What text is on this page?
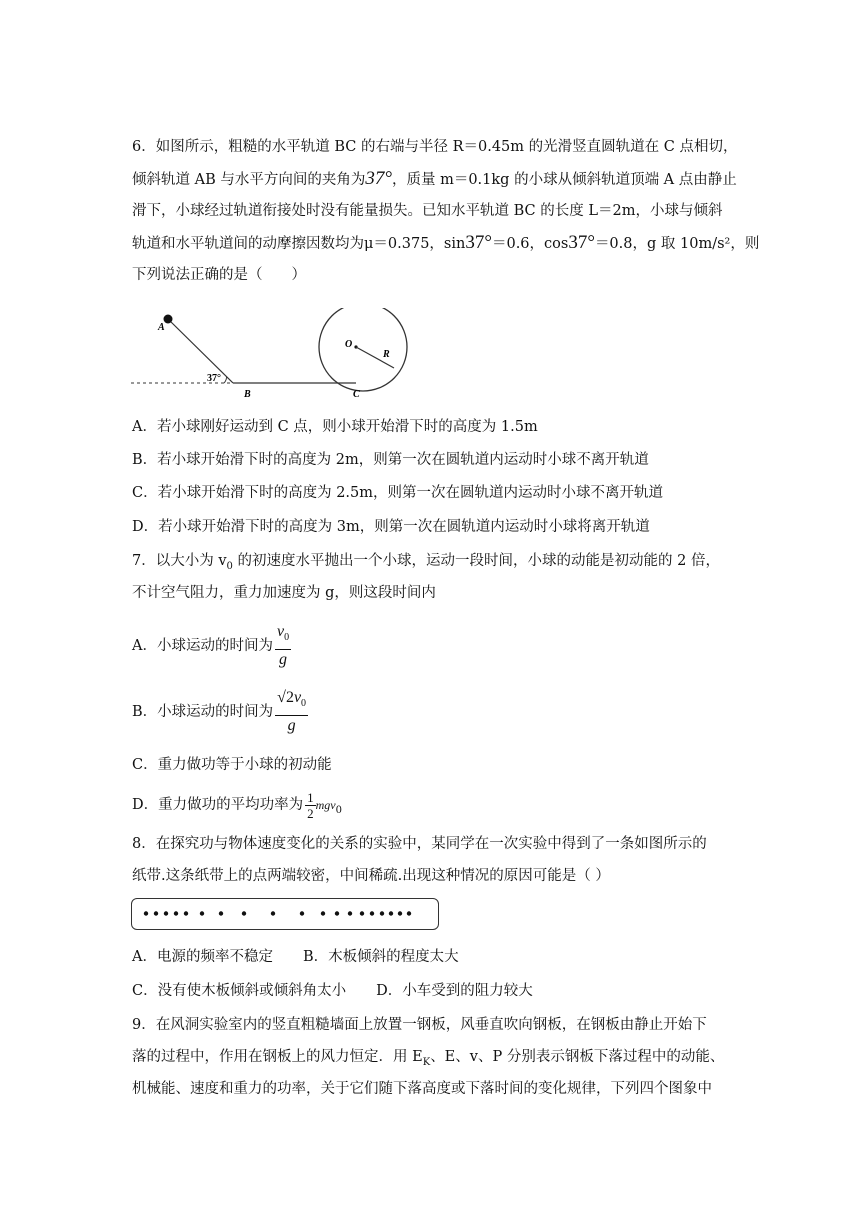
6．如图所示，粗糙的水平轨道 BC 的右端与半径 R＝0.45m 的光滑竖直圆轨道在 C 点相切，
倾斜轨道 AB 与水平方向间的夹角为37°，质量 m＝0.1kg 的小球从倾斜轨道顶端 A 点由静止
滑下，小球经过轨道衔接处时没有能量损失。已知水平轨道 BC 的长度 L＝2m，小球与倾斜
轨道和水平轨道间的动摩擦因数均为μ＝0.375，sin37°＝0.6，cos37°＝0.8，g 取 10m/s²，则
下列说法正确的是（　　）
A
37°
B	C
O
R
A．若小球刚好运动到 C 点，则小球开始滑下时的高度为 1.5m
B．若小球开始滑下时的高度为 2m，则第一次在圆轨道内运动时小球不离开轨道
C．若小球开始滑下时的高度为 2.5m，则第一次在圆轨道内运动时小球不离开轨道
D．若小球开始滑下时的高度为 3m，则第一次在圆轨道内运动时小球将离开轨道
7．以大小为 $v_0$ 的初速度水平抛出一个小球，运动一段时间，小球的动能是初动能的 2 倍，
不计空气阻力，重力加速度为 g，则这段时间内
A．小球运动的时间为 $\frac{v_0}{g}$
B．小球运动的时间为 $\frac{√2v_0}{g}$
C．重力做功等于小球的初动能
D．重力做功的平均功率为 $\frac{1}{2} mgv_0$
8．在探究功与物体速度变化的关系的实验中，某同学在一次实验中得到了一条如图所示的
纸带.这条纸带上的点两端较密，中间稀疏.出现这种情况的原因可能是（ ）
A．电源的频率不稳定 B．木板倾斜的程度太大
C．没有使木板倾斜或倾斜角太小 D．小车受到的阻力较大
9．在风洞实验室内的竖直粗糙墙面上放置一钢板，风垂直吹向钢板，在钢板由静止开始下
落的过程中，作用在钢板上的风力恒定．用 $E_K$、E、v、P 分别表示钢板下落过程中的动能、
机械能、速度和重力的功率，关于它们随下落高度或下落时间的变化规律，下列四个图象中
